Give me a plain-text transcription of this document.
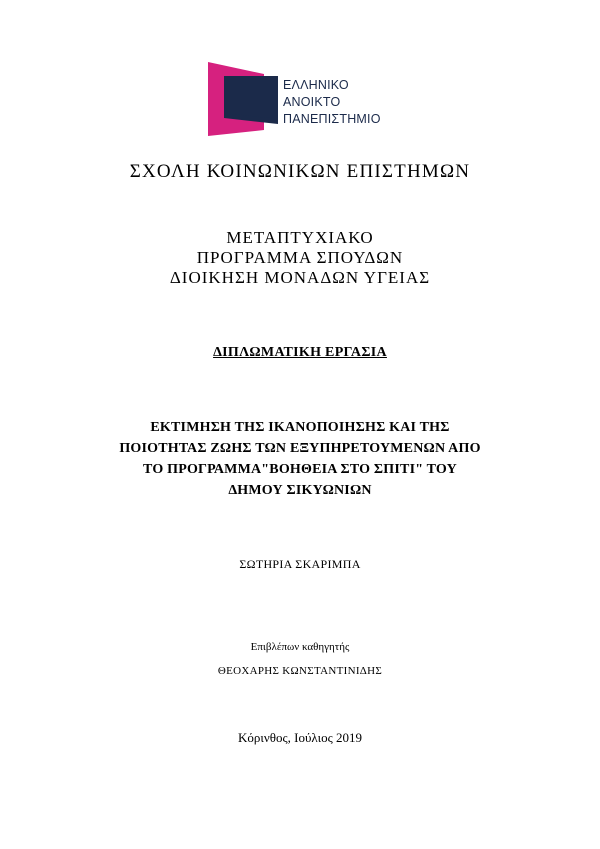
ΕΛΛΗΝΙΚΟ
ΑΝΟΙΚΤΟ
ΠΑΝΕΠΙΣΤΗΜΙΟ
ΣΧΟΛΗ ΚΟΙΝΩΝΙΚΩΝ ΕΠΙΣΤΗΜΩΝ
ΜΕΤΑΠΤΥΧΙΑΚΟ
ΠΡΟΓΡΑΜΜΑ ΣΠΟΥΔΩΝ
ΔΙΟΙΚΗΣΗ ΜΟΝΑΔΩΝ ΥΓΕΙΑΣ
ΔΙΠΛΩΜΑΤΙΚΗ ΕΡΓΑΣΙΑ
ΕΚΤΙΜΗΣΗ ΤΗΣ ΙΚΑΝΟΠΟΙΗΣΗΣ ΚΑΙ ΤΗΣ
ΠΟΙΟΤΗΤΑΣ ΖΩΗΣ ΤΩΝ ΕΞΥΠΗΡΕΤΟΥΜΕΝΩΝ ΑΠΟ
ΤΟ ΠΡΟΓΡΑΜΜΑ"ΒΟΗΘΕΙΑ ΣΤΟ ΣΠΙΤΙ" ΤΟΥ
ΔΗΜΟΥ ΣΙΚΥΩΝΙΩΝ
ΣΩΤΗΡΙΑ ΣΚΑΡΙΜΠΑ
Επιβλέπων καθηγητής
ΘΕΟΧΑΡΗΣ ΚΩΝΣΤΑΝΤΙΝΙΔΗΣ
Κόρινθος, Ιούλιος 2019
